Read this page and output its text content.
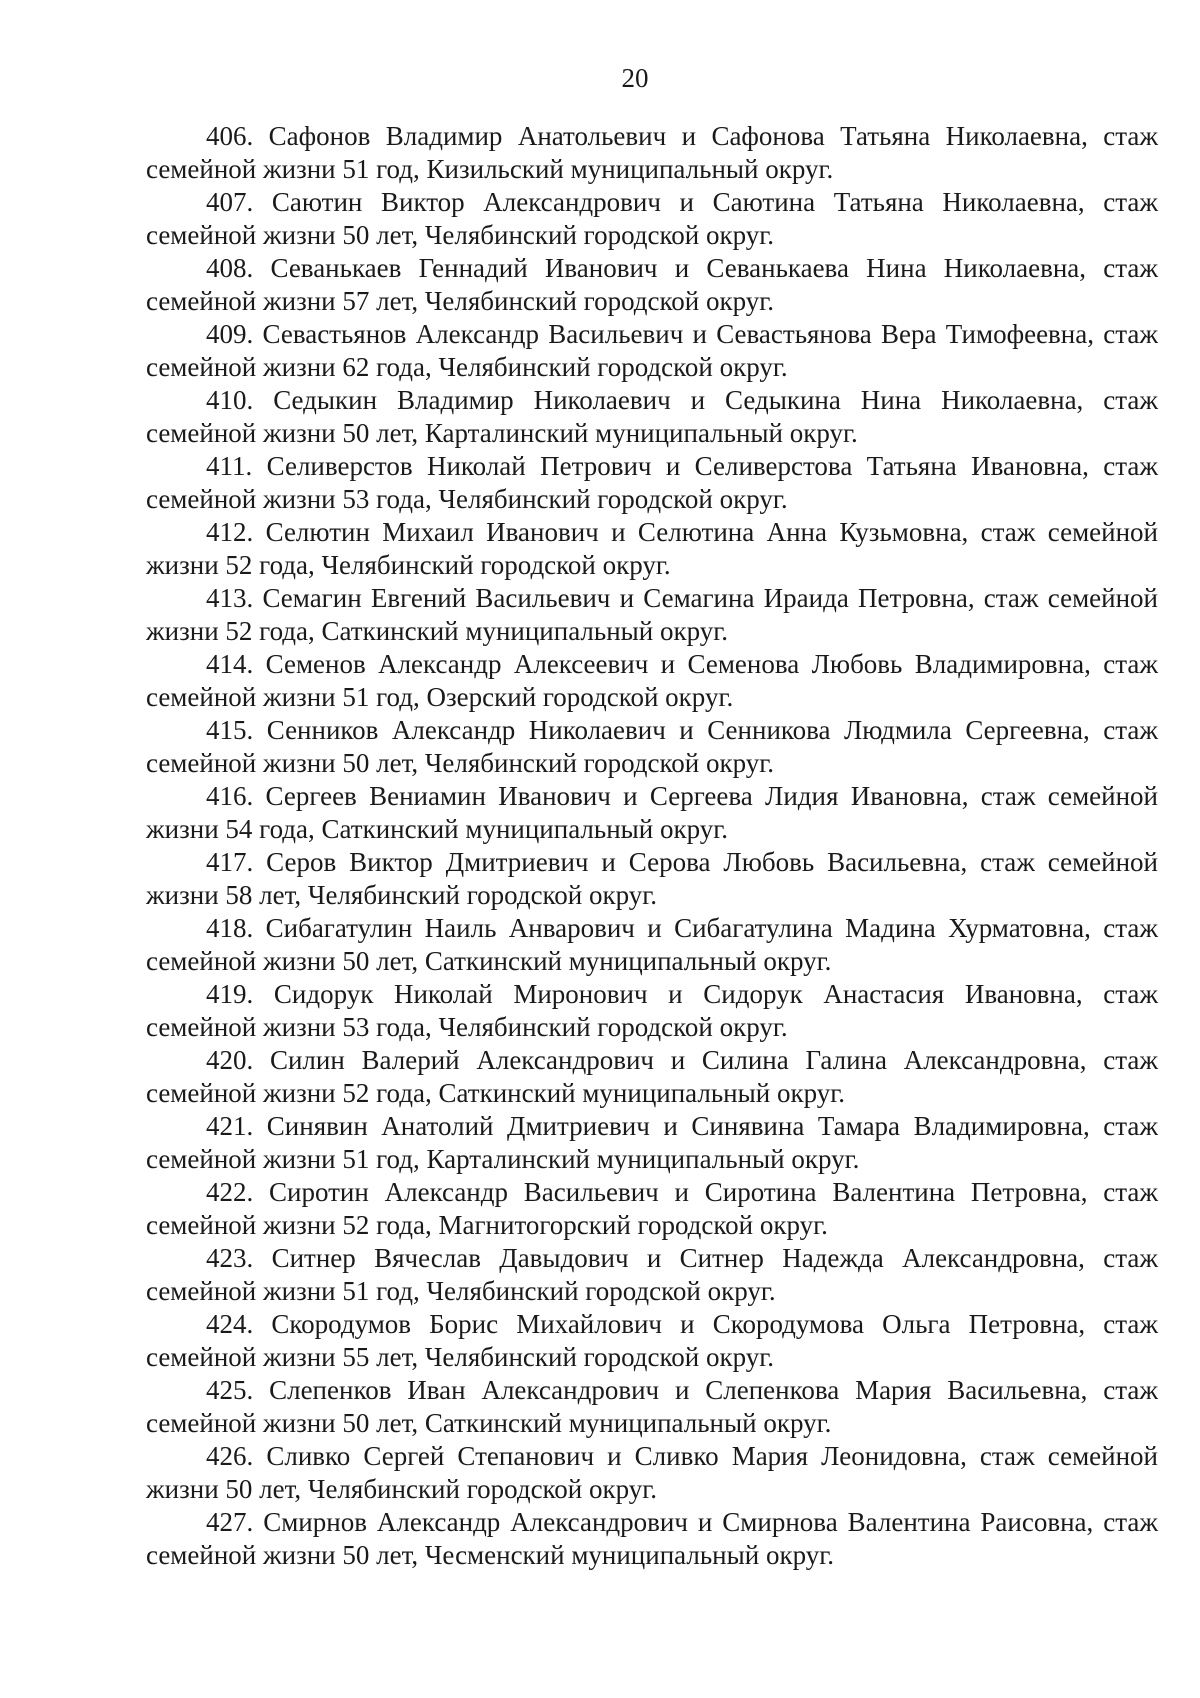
20

406. Сафонов Владимир Анатольевич и Сафонова Татьяна Николаевна, стаж семейной жизни 51 год, Кизильский муниципальный округ.

407. Саютин Виктор Александрович и Саютина Татьяна Николаевна, стаж семейной жизни 50 лет, Челябинский городской округ.

408. Севанькаев Геннадий Иванович и Севанькаева Нина Николаевна, стаж семейной жизни 57 лет, Челябинский городской округ.

409. Севастьянов Александр Васильевич и Севастьянова Вера Тимофеевна, стаж семейной жизни 62 года, Челябинский городской округ.

410. Седыкин Владимир Николаевич и Седыкина Нина Николаевна, стаж семейной жизни 50 лет, Карталинский муниципальный округ.

411. Селиверстов Николай Петрович и Селиверстова Татьяна Ивановна, стаж семейной жизни 53 года, Челябинский городской округ.

412. Селютин Михаил Иванович и Селютина Анна Кузьмовна, стаж семейной жизни 52 года, Челябинский городской округ.

413. Семагин Евгений Васильевич и Семагина Ираида Петровна, стаж семейной жизни 52 года, Саткинский муниципальный округ.

414. Семенов Александр Алексеевич и Семенова Любовь Владимировна, стаж семейной жизни 51 год, Озерский городской округ.

415. Сенников Александр Николаевич и Сенникова Людмила Сергеевна, стаж семейной жизни 50 лет, Челябинский городской округ.

416. Сергеев Вениамин Иванович и Сергеева Лидия Ивановна, стаж семейной жизни 54 года, Саткинский муниципальный округ.

417. Серов Виктор Дмитриевич и Серова Любовь Васильевна, стаж семейной жизни 58 лет, Челябинский городской округ.

418. Сибагатулин Наиль Анварович и Сибагатулина Мадина Хурматовна, стаж семейной жизни 50 лет, Саткинский муниципальный округ.

419. Сидорук Николай Миронович и Сидорук Анастасия Ивановна, стаж семейной жизни 53 года, Челябинский городской округ.

420. Силин Валерий Александрович и Силина Галина Александровна, стаж семейной жизни 52 года, Саткинский муниципальный округ.

421. Синявин Анатолий Дмитриевич и Синявина Тамара Владимировна, стаж семейной жизни 51 год, Карталинский муниципальный округ.

422. Сиротин Александр Васильевич и Сиротина Валентина Петровна, стаж семейной жизни 52 года, Магнитогорский городской округ.

423. Ситнер Вячеслав Давыдович и Ситнер Надежда Александровна, стаж семейной жизни 51 год, Челябинский городской округ.

424. Скородумов Борис Михайлович и Скородумова Ольга Петровна, стаж семейной жизни 55 лет, Челябинский городской округ.

425. Слепенков Иван Александрович и Слепенкова Мария Васильевна, стаж семейной жизни 50 лет, Саткинский муниципальный округ.

426. Сливко Сергей Степанович и Сливко Мария Леонидовна, стаж семейной жизни 50 лет, Челябинский городской округ.

427. Смирнов Александр Александрович и Смирнова Валентина Раисовна, стаж семейной жизни 50 лет, Чесменский муниципальный округ.
